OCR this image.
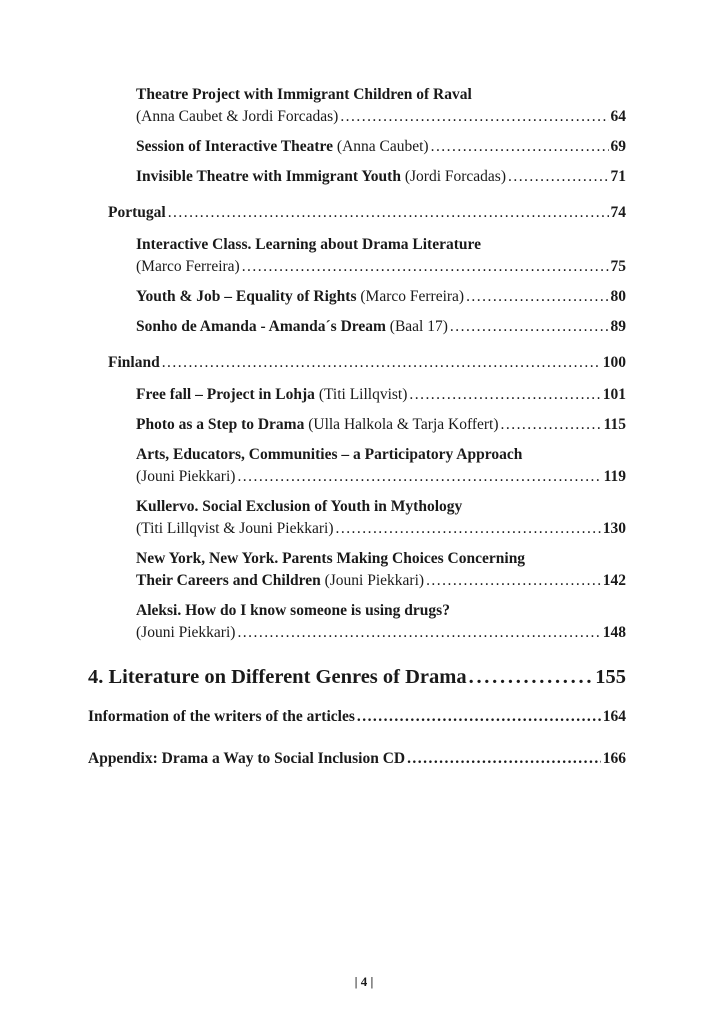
Theatre Project with Immigrant Children of Raval
(Anna Caubet & Jordi Forcadas) . . .	64
Session of Interactive Theatre
(Anna Caubet) . . .	69
Invisible Theatre with Immigrant Youth
(Jordi Forcadas) . . .	71
Portugal . . .	74
Interactive Class. Learning about Drama Literature
(Marco Ferreira) . . .	75
Youth & Job – Equality of Rights
(Marco Ferreira) . . .	80
Sonho de Amanda - Amanda´s Dream
(Baal 17) . . .	89
Finland . . .	100
Free fall – Project in Lohja
(Titi Lillqvist) . . .	101
Photo as a Step to Drama
(Ulla Halkola & Tarja Koffert) . . .	115
Arts, Educators, Communities – a Participatory Approach
(Jouni Piekkari) . . .	119
Kullervo. Social Exclusion of Youth in Mythology
(Titi Lillqvist & Jouni Piekkari) . . .	130
New York, New York. Parents Making Choices Concerning
Their Careers and Children
(Jouni Piekkari) . . .	142
Aleksi. How do I know someone is using drugs?
(Jouni Piekkari) . . .	148
4. Literature on Different Genres of Drama . . .	155
Information of the writers of the articles . . .	164
Appendix: Drama a Way to Social Inclusion CD . . .	166
| 4 |
